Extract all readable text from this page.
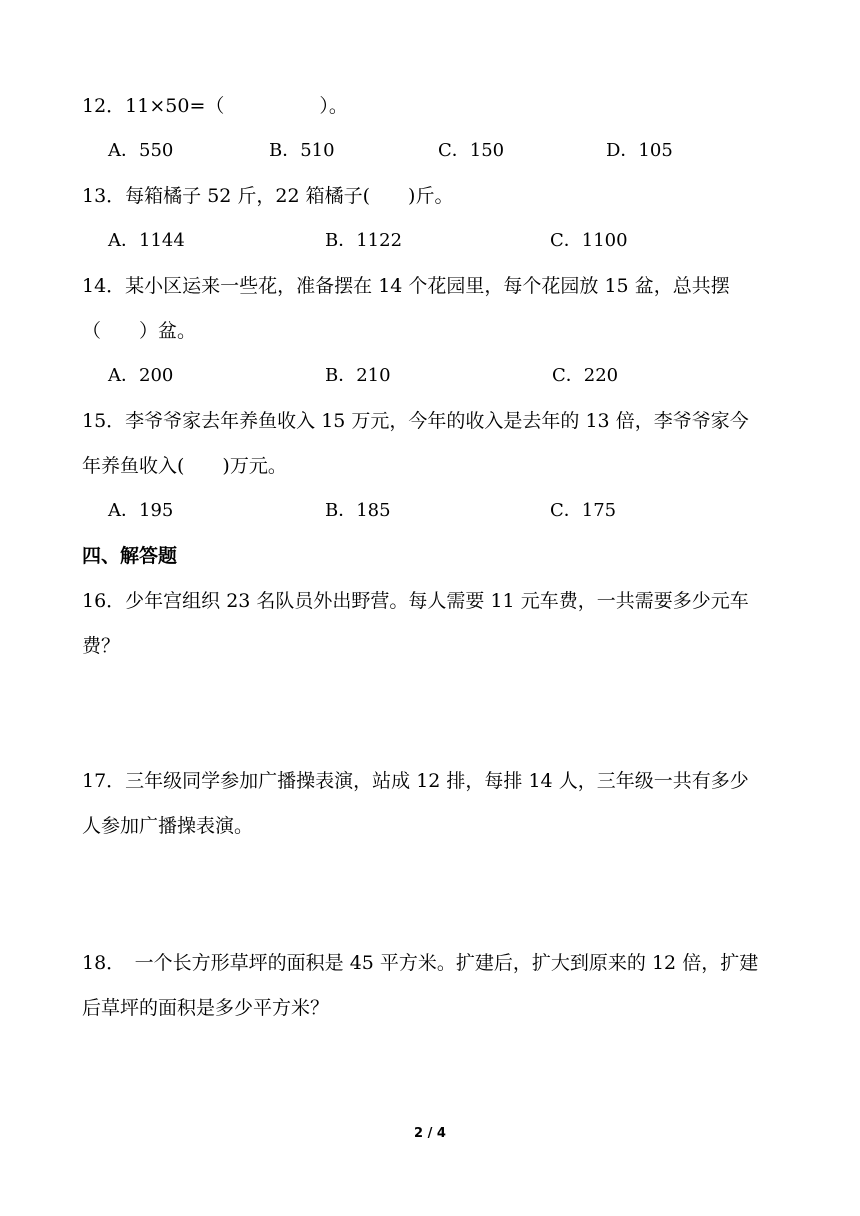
12．11×50=（　　　　　）。
A．550	B．510	C．150	D．105
13．每箱橘子 52 斤，22 箱橘子(　　)斤。
A．1144	B．1122	C．1100
14．某小区运来一些花，准备摆在 14 个花园里，每个花园放 15 盆，总共摆
（　　）盆。
A．200	B．210	C．220
15．李爷爷家去年养鱼收入 15 万元，今年的收入是去年的 13 倍，李爷爷家今
年养鱼收入(　　)万元。
A．195	B．185	C．175
四、解答题
16．少年宫组织 23 名队员外出野营。每人需要 11 元车费，一共需要多少元车
费？
17．三年级同学参加广播操表演，站成 12 排，每排 14 人，三年级一共有多少
人参加广播操表演。
18．　一个长方形草坪的面积是 45 平方米。扩建后，扩大到原来的 12 倍，扩建
后草坪的面积是多少平方米？
2 / 4
